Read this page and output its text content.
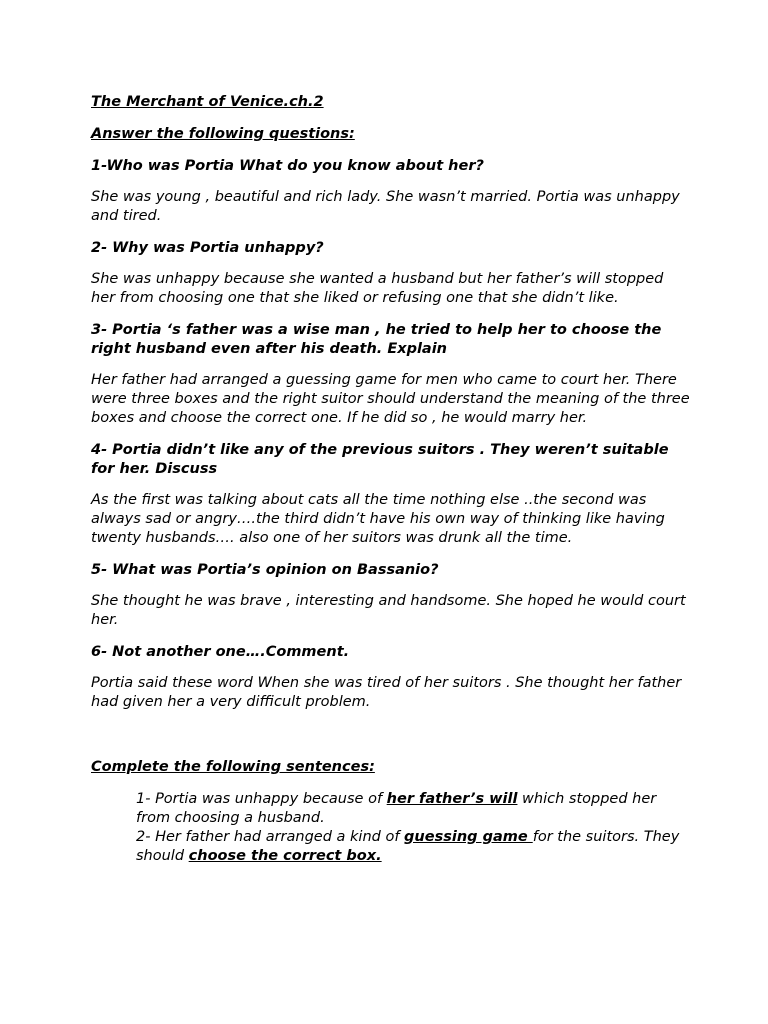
The Merchant of Venice.ch.2

Answer the following questions:

1-Who was Portia What do you know about her?

She was young , beautiful and rich lady. She wasn’t married. Portia was unhappy and tired.

2- Why was Portia unhappy?

She was unhappy because she wanted a husband but her father’s will stopped her from choosing one that she liked or refusing one that she didn’t like.

3- Portia ‘s father was a wise man , he tried to help her to choose the right husband even after his death. Explain

Her father had arranged a guessing game for men who came to court her. There were three boxes and the right suitor should understand the meaning of the three boxes and choose the correct one. If he did so , he would marry her.

4- Portia didn’t like any of the previous suitors . They weren’t suitable for her. Discuss

As the first was talking about cats all the time nothing else ..the second was always sad or angry….the third didn’t have his own way of thinking like having twenty husbands…. also one of her suitors was drunk all the time.

5- What was Portia’s opinion on Bassanio?

She thought he was brave , interesting and handsome. She hoped he would court her.

6- Not another one….Comment.

Portia said these word When she was tired of her suitors . She thought her father had given her a very difficult problem.

Complete the following sentences:

1- Portia was unhappy because of her father’s will which stopped her from choosing a husband.

2- Her father had arranged a kind of guessing game for the suitors. They should choose the correct box.
